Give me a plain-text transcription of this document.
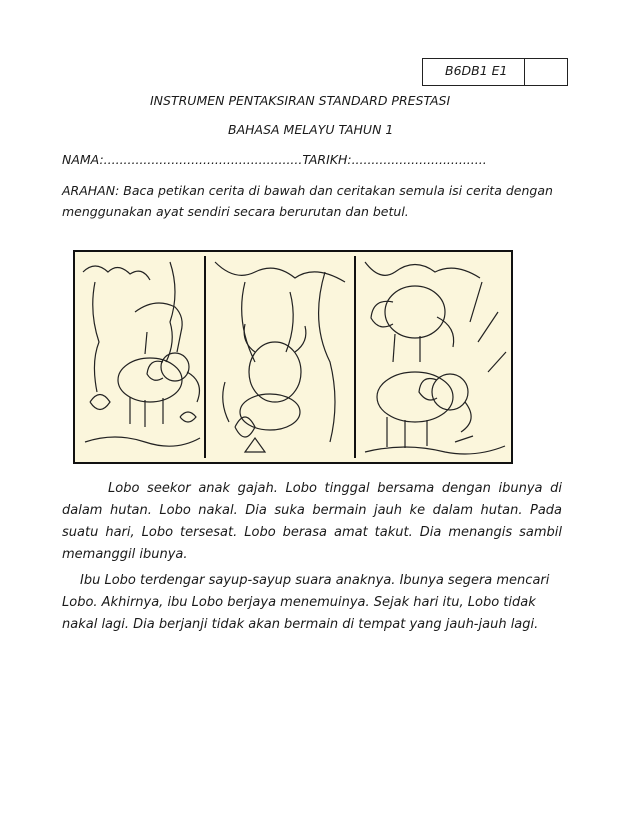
B6DB1 E1
INSTRUMEN PENTAKSIRAN STANDARD PRESTASI
BAHASA MELAYU TAHUN 1
NAMA:..................................................TARIKH:..................................
ARAHAN: Baca petikan cerita di bawah dan ceritakan semula isi cerita dengan menggunakan ayat sendiri secara berurutan dan betul.
Lobo seekor anak gajah. Lobo tinggal bersama dengan ibunya di dalam hutan. Lobo nakal. Dia suka bermain jauh ke dalam hutan. Pada suatu hari, Lobo tersesat. Lobo berasa amat takut. Dia menangis sambil memanggil ibunya.
Ibu Lobo terdengar sayup-sayup suara anaknya. Ibunya segera mencari Lobo. Akhirnya, ibu Lobo berjaya menemuinya. Sejak hari itu, Lobo tidak nakal lagi. Dia berjanji tidak akan bermain di tempat yang jauh-jauh lagi.
